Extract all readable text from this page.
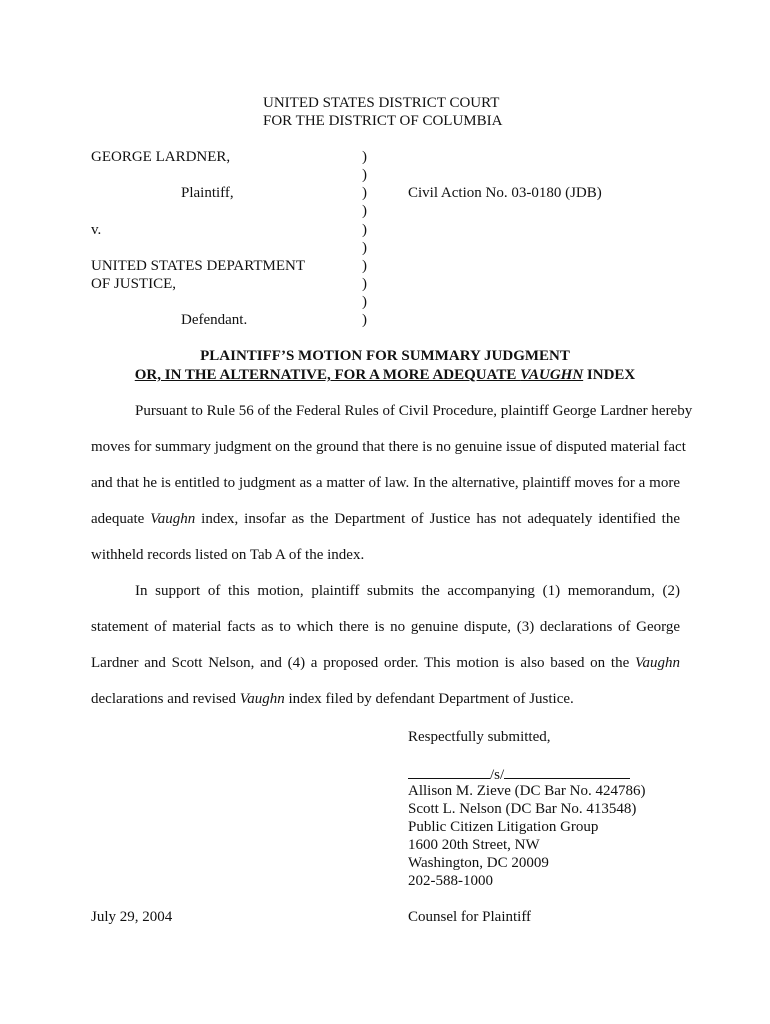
UNITED STATES DISTRICT COURT
FOR THE DISTRICT OF COLUMBIA
GEORGE LARDNER,
Plaintiff,
v.
UNITED STATES DEPARTMENT
OF JUSTICE,
Defendant.
)
)
)
)
)
)
)
)
)
)
Civil Action No. 03-0180 (JDB)
PLAINTIFF’S MOTION FOR SUMMARY JUDGMENT
OR, IN THE ALTERNATIVE, FOR A MORE ADEQUATE VAUGHN INDEX
Pursuant to Rule 56 of the Federal Rules of Civil Procedure, plaintiff George Lardner hereby
moves for summary judgment on the ground that there is no genuine issue of disputed material fact
and that he is entitled to judgment as a matter of law. In the alternative, plaintiff moves for a more
adequate Vaughn index, insofar as the Department of Justice has not adequately identified the
withheld records listed on Tab A of the index.
In support of this motion, plaintiff submits the accompanying (1) memorandum, (2)
statement of material facts as to which there is no genuine dispute, (3) declarations of George
Lardner and Scott Nelson, and (4) a proposed order. This motion is also based on the Vaughn
declarations and revised Vaughn index filed by defendant Department of Justice.
Respectfully submitted,
/s/
Allison M. Zieve (DC Bar No. 424786)
Scott L. Nelson (DC Bar No. 413548)
Public Citizen Litigation Group
1600 20th Street, NW
Washington, DC 20009
202-588-1000
July 29, 2004	Counsel for Plaintiff
